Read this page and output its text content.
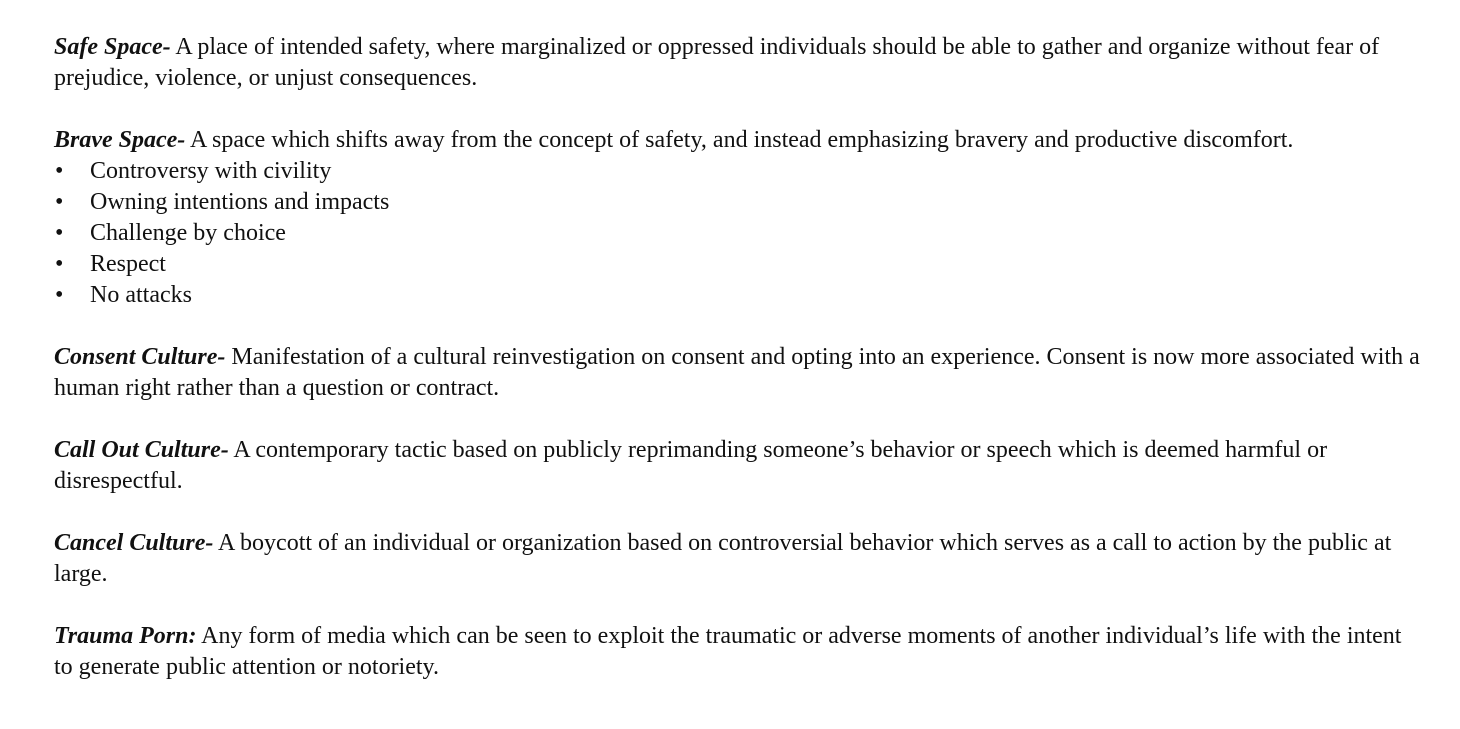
Safe Space- A place of intended safety, where marginalized or oppressed individuals should be able to gather and organize without fear of prejudice, violence, or unjust consequences.

Brave Space- A space which shifts away from the concept of safety, and instead emphasizing bravery and productive discomfort.
• Controversy with civility
• Owning intentions and impacts
• Challenge by choice
• Respect
• No attacks

Consent Culture- Manifestation of a cultural reinvestigation on consent and opting into an experience. Consent is now more associated with a human right rather than a question or contract.

Call Out Culture- A contemporary tactic based on publicly reprimanding someone’s behavior or speech which is deemed harmful or disrespectful.

Cancel Culture- A boycott of an individual or organization based on controversial behavior which serves as a call to action by the public at large.

Trauma Porn: Any form of media which can be seen to exploit the traumatic or adverse moments of another individual’s life with the intent to generate public attention or notoriety.
